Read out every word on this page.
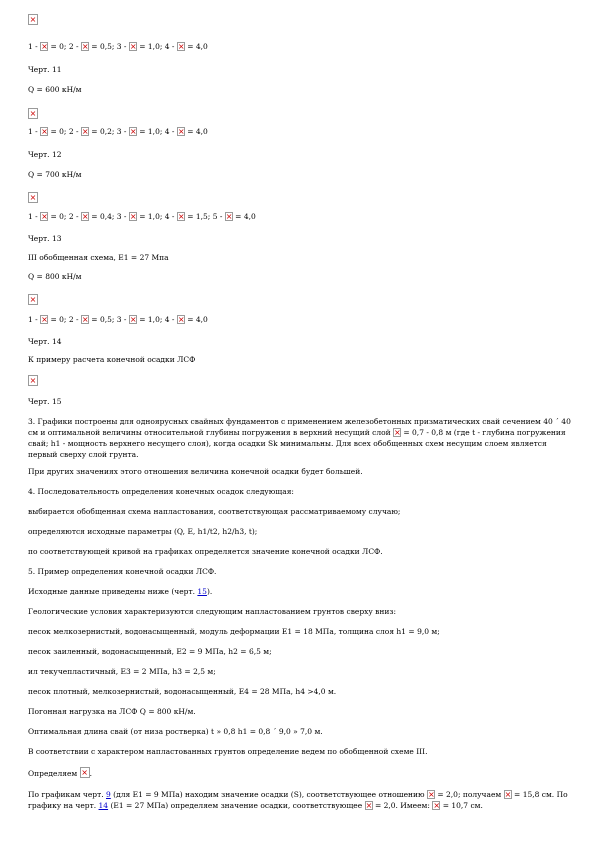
×
1 - × = 0; 2 - × = 0,5; 3 - × = 1,0; 4 - × = 4,0
Черт. 11
Q = 600 кН/м
×
1 - × = 0; 2 - × = 0,2; 3 - × = 1,0; 4 - × = 4,0
Черт. 12
Q = 700 кН/м
×
1 - × = 0; 2 - × = 0,4; 3 - × = 1,0; 4 - × = 1,5; 5 - × = 4,0
Черт. 13
III обобщенная схема, E1 = 27 Мпа
Q = 800 кН/м
×
1 - × = 0; 2 - × = 0,5; 3 - × = 1,0; 4 - × = 4,0
Черт. 14
К примеру расчета конечной осадки ЛСФ
×
Черт. 15
3. Графики построены для одноярусных свайных фундаментов с применением железобетонных призматических свай сечением 40 ´ 40 см и оптимальной величины относительной глубины погружения в верхний несущий слой × = 0,7 - 0,8 м (где t - глубина погружения свай; h1 - мощность верхнего несущего слоя), когда осадки Sk минимальны. Для всех обобщенных схем несущим слоем является первый сверху слой грунта.
При других значениях этого отношения величина конечной осадки будет большей.
4. Последовательность определения конечных осадок следующая:
выбирается обобщенная схема напластования, соответствующая рассматриваемому случаю;
определяются исходные параметры (Q, E, h1/t2, h2/h3, t);
по соответствующей кривой на графиках определяется значение конечной осадки ЛСФ.
5. Пример определения конечной осадки ЛСФ.
Исходные данные приведены ниже (черт. 15).
Геологические условия характеризуются следующим напластованием грунтов сверху вниз:
песок мелкозернистый, водонасыщенный, модуль деформации E1 = 18 МПа, толщина слоя h1 = 9,0 м;
песок заиленный, водонасыщенный, E2 = 9 МПа, h2 = 6,5 м;
ил текучепластичный, E3 = 2 МПа, h3 = 2,5 м;
песок плотный, мелкозернистый, водонасыщенный, E4 = 28 МПа, h4 >4,0 м.
Погонная нагрузка на ЛСФ Q = 800 кН/м.
Оптимальная длина свай (от низа ростверка) t » 0,8 h1 = 0,8 ´ 9,0 » 7,0 м.
В соответствии с характером напластованных грунтов определение ведем по обобщенной схеме III.
Определяем ×.
По графикам черт. 9 (для E1 = 9 МПа) находим значение осадки (S), соответствующее отношению × = 2,0; получаем × = 15,8 см. По графику на черт. 14 (E1 = 27 МПа) определяем значение осадки, соответствующее × = 2,0. Имеем: × = 10,7 см.
